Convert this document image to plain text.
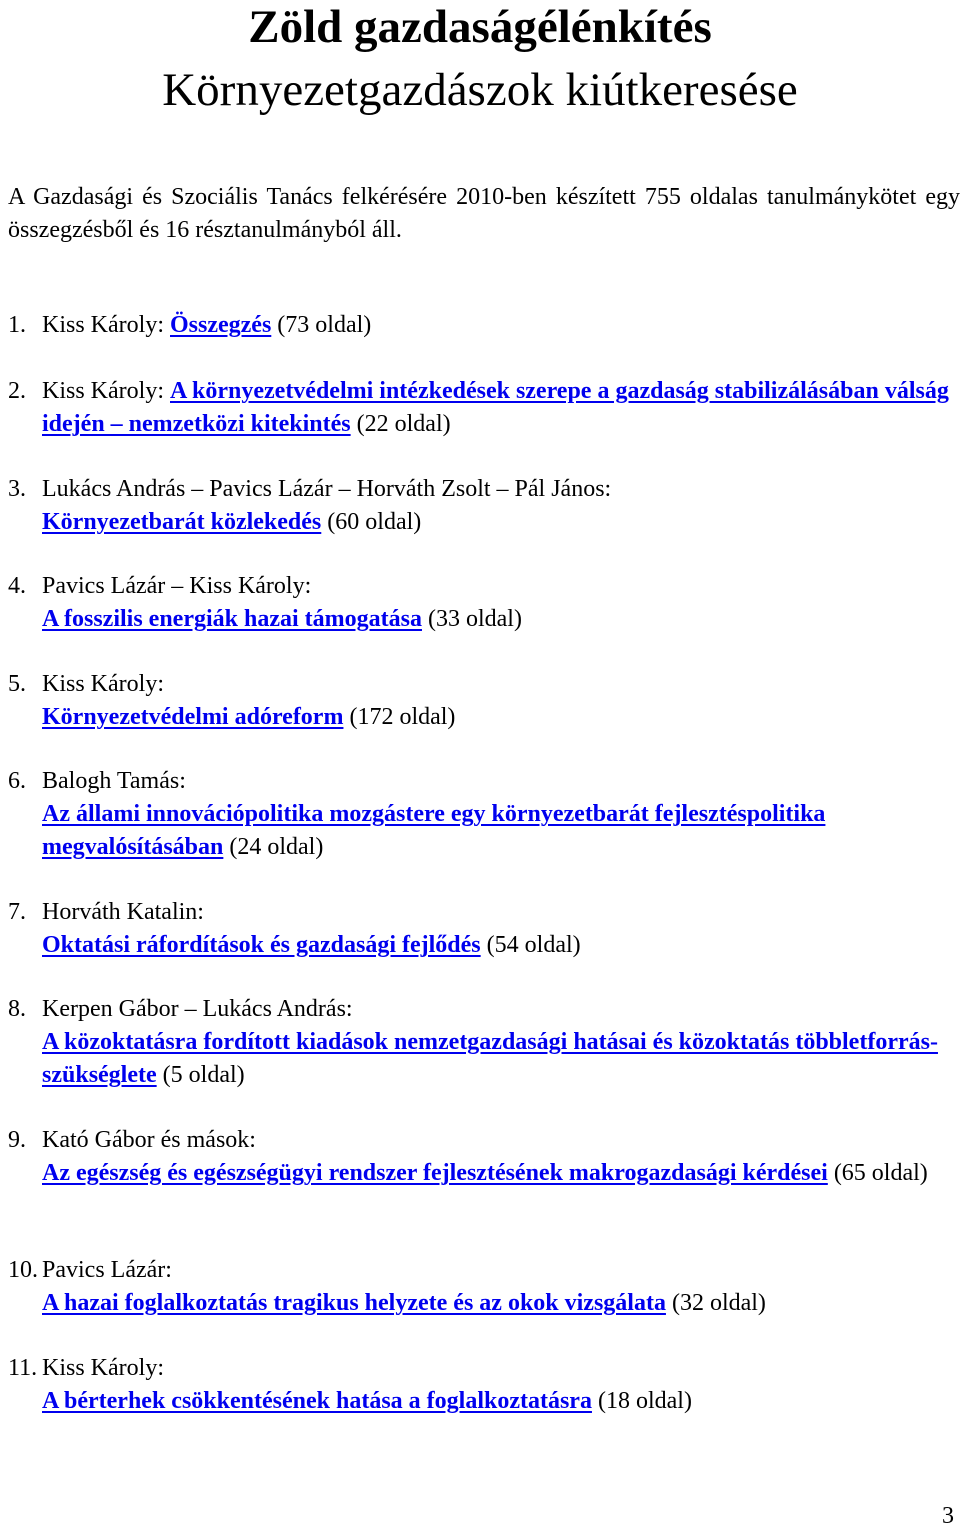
Zöld gazdaságélénkítés
Környezetgazdászok kiútkeresése

A Gazdasági és Szociális Tanács felkérésére 2010-ben készített 755 oldalas tanulmánykötet egy összegzésből és 16 résztanulmányból áll.

1. Kiss Károly: Összegzés (73 oldal)
2. Kiss Károly: A környezetvédelmi intézkedések szerepe a gazdaság stabilizálásában válság idején – nemzetközi kitekintés (22 oldal)
3. Lukács András – Pavics Lázár – Horváth Zsolt – Pál János:
Környezetbarát közlekedés (60 oldal)
4. Pavics Lázár – Kiss Károly:
A fosszilis energiák hazai támogatása (33 oldal)
5. Kiss Károly:
Környezetvédelmi adóreform (172 oldal)
6. Balogh Tamás:
Az állami innovációpolitika mozgástere egy környezetbarát fejlesztéspolitika megvalósításában (24 oldal)
7. Horváth Katalin:
Oktatási ráfordítások és gazdasági fejlődés (54 oldal)
8. Kerpen Gábor – Lukács András:
A közoktatásra fordított kiadások nemzetgazdasági hatásai és közoktatás többletforrás-szükséglete (5 oldal)
9. Kató Gábor és mások:
Az egészség és egészségügyi rendszer fejlesztésének makrogazdasági kérdései (65 oldal)
10. Pavics Lázár:
A hazai foglalkoztatás tragikus helyzete és az okok vizsgálata (32 oldal)
11. Kiss Károly:
A bérterhek csökkentésének hatása a foglalkoztatásra (18 oldal)
3
